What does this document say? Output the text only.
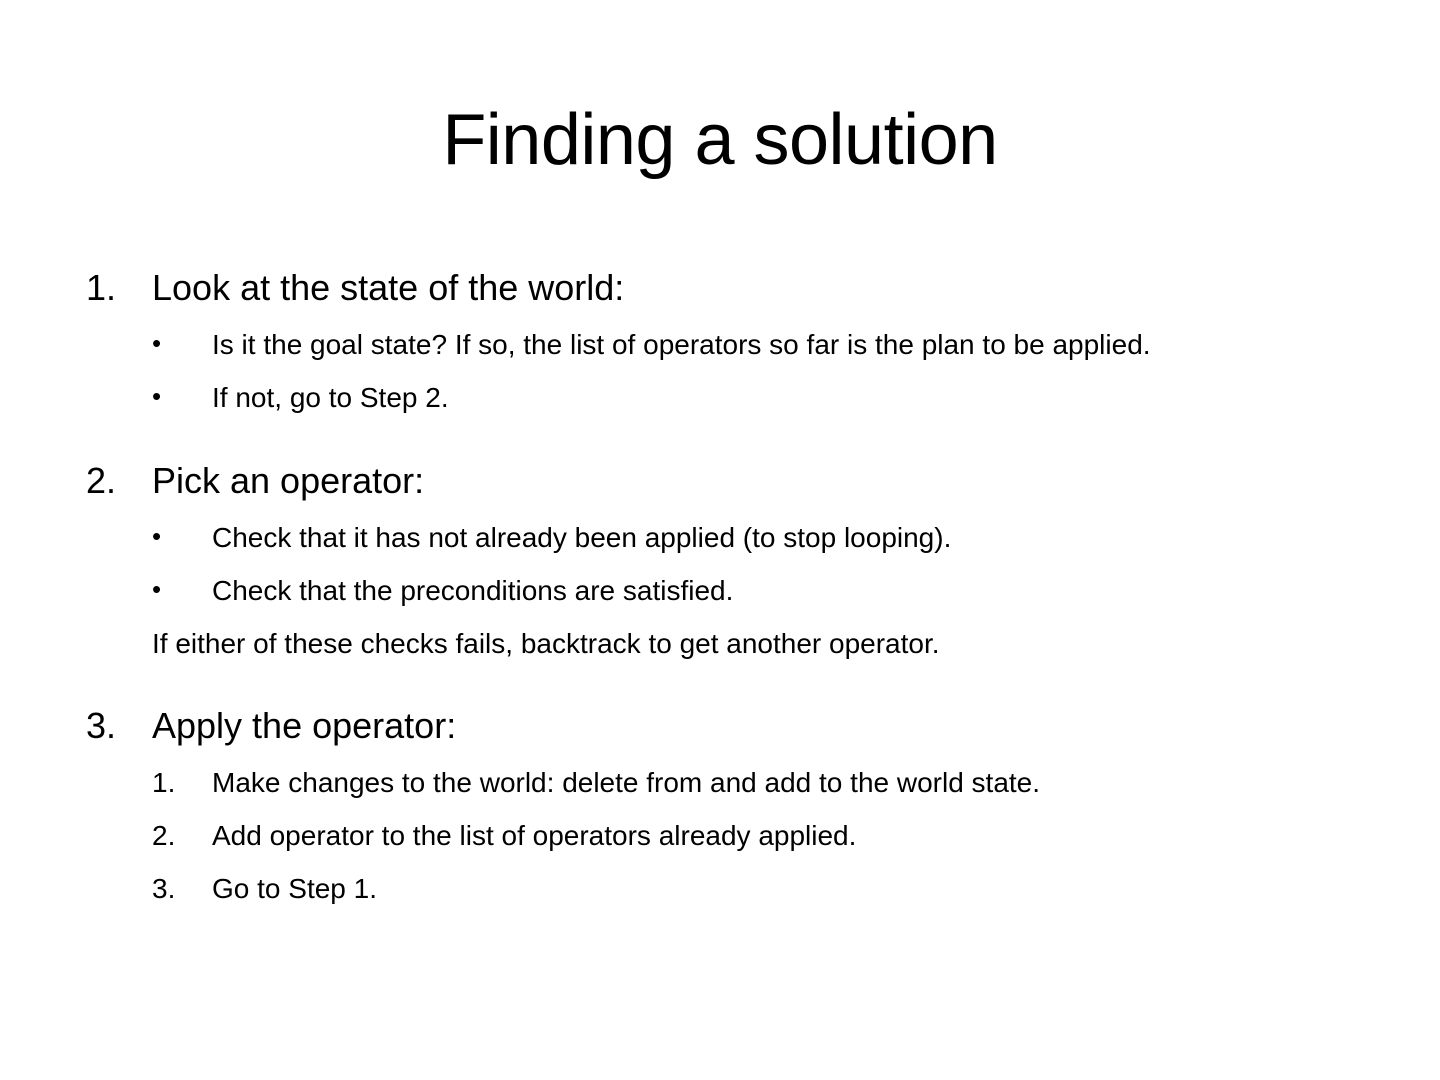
Finding a solution
1. Look at the state of the world:
• Is it the goal state? If so, the list of operators so far is the plan to be applied.
• If not, go to Step 2.
2. Pick an operator:
• Check that it has not already been applied (to stop looping).
• Check that the preconditions are satisfied.
If either of these checks fails, backtrack to get another operator.
3. Apply the operator:
1. Make changes to the world: delete from and add to the world state.
2. Add operator to the list of operators already applied.
3. Go to Step 1.
